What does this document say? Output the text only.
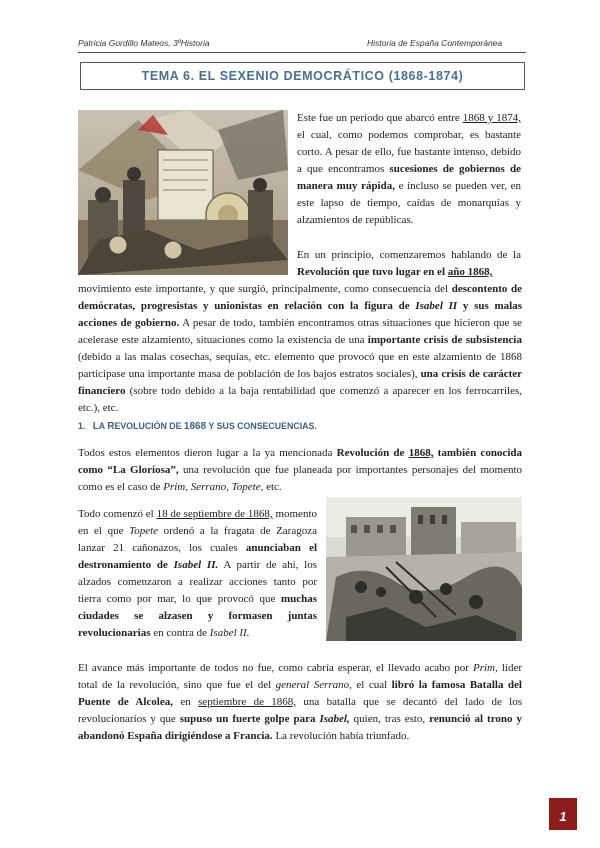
Patricia Gordillo Mateos, 3ºHistoria	Historia de España Contemporánea
TEMA 6. EL SEXENIO DEMOCRÁTICO (1868-1874)

Este fue un período que abarcó entre 1868 y 1874, el cual, como podemos comprobar, es bastante corto. A pesar de ello, fue bastante intenso, debido a que encontramos sucesiones de gobiernos de manera muy rápida, e incluso se pueden ver, en este lapso de tiempo, caídas de monarquías y alzamientos de repúblicas.

En un principio, comenzaremos hablando de la Revolución que tuvo lugar en el año 1868,

movimiento este importante, y que surgió, principalmente, como consecuencia del descontento de demócratas, progresistas y unionistas en relación con la figura de Isabel II y sus malas acciones de gobierno. A pesar de todo, también encontramos otras situaciones que hicieron que se acelerase este alzamiento, situaciones como la existencia de una importante crisis de subsistencia (debido a las malas cosechas, sequías, etc. elemento que provocó que en este alzamiento de 1868 participase una importante masa de población de los bajos estratos sociales), una crisis de carácter financiero (sobre todo debido a la baja rentabilidad que comenzó a aparecer en los ferrocarriles, etc.), etc.

1. LA REVOLUCIÓN DE 1868 Y SUS CONSECUENCIAS.

Todos estos elementos dieron lugar a la ya mencionada Revolución de 1868, también conocida como “La Gloriosa”, una revolución que fue planeada por importantes personajes del momento como es el caso de Prim, Serrano, Topete, etc.

Todo comenzó el 18 de septiembre de 1868, momento en el que Topete ordenó a la fragata de Zaragoza lanzar 21 cañonazos, los cuales anunciaban el destronamiento de Isabel II. A partir de ahí, los alzados comenzaron a realizar acciones tanto por tierra como por mar, lo que provocó que muchas ciudades se alzasen y formasen juntas revolucionarias en contra de Isabel II.

El avance más importante de todos no fue, como cabría esperar, el llevado acabo por Prim, líder total de la revolución, sino que fue el del general Serrano, el cual libró la famosa Batalla del Puente de Alcolea, en septiembre de 1868, una batalla que se decantó del lado de los revolucionarios y que supuso un fuerte golpe para Isabel, quien, tras esto, renunció al trono y abandonó España dirigiéndose a Francia. La revolución había triunfado.

1
